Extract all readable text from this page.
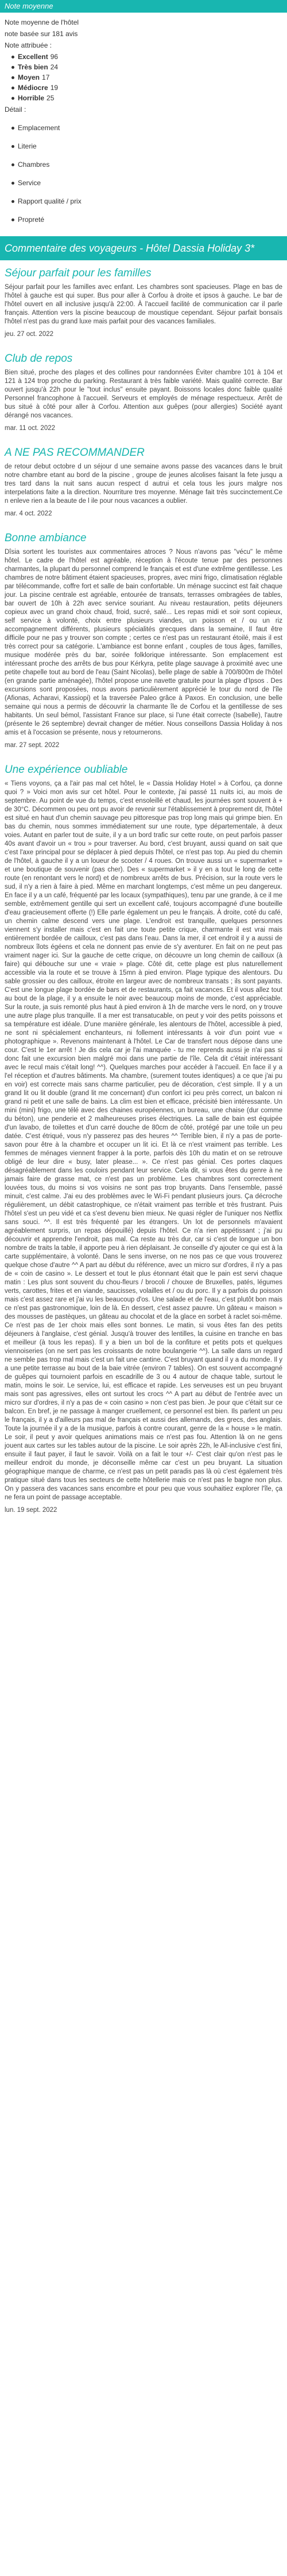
Note moyenne
Note moyenne de l'hôtel
note basée sur 181 avis
Note attribuée :
Excellent 96
Très bien 24
Moyen 17
Médiocre 19
Horrible 25
Détail :
Emplacement
Literie
Chambres
Service
Rapport qualité / prix
Propreté
Commentaire des voyageurs - Hôtel Dassia Holiday 3*
Séjour parfait pour les familles

Séjour parfait pour les familles avec enfant. Les chambres sont spacieuses. Plage en bas de l'hôtel à gauche est qui super. Bus pour aller à Corfou à droite et ipsos à gauche. Le bar de l'hôtel ouvert en all inclusive jusqu'à 22:00. À l'accueil facilité de communication car il parle français. Attention vers la piscine beaucoup de moustique cependant. Séjour parfait bonsaïs l'hôtel n'est pas du grand luxe mais parfait pour des vacances familiales.

jeu. 27 oct. 2022
Club de repos

Bien situé, proche des plages et des collines pour randonnées Éviter chambre 101 à 104 et 121 à 124 trop proche du parking. Restaurant à très faible variété. Mais qualité correcte. Bar ouvert jusqu'à 22h pour le "tout inclus" ensuite payant. Boissons locales donc faible qualité Personnel francophone à l'accueil. Serveurs et employés de ménage respectueux. Arrêt de bus situé à côté pour aller à Corfou. Attention aux guêpes (pour allergies) Société ayant dérangé nos vacances.

mar. 11 oct. 2022
A NE PAS RECOMMANDER

de retour debut octobre d un séjour d une semaine avons passe des vacances dans le bruit notre chambre etant au bord de la piscine , groupe de jeunes alcolises faisant la fete jusqu a tres tard dans la nuit sans aucun respect d autrui et cela tous les jours malgre nos interpelations faite a la direction. Nourriture tres moyenne. Ménage fait très succinctement.Ce n enleve rien a la beaute de l ile pour nous vacances a oublier.

mar. 4 oct. 2022
Bonne ambiance

Dîsia sortent les touristes aux commentaires atroces ? Nous n'avons pas "vécu" le même hôtel. Le cadre de l'hôtel est agréable, réception à l'écoute tenue par des personnes charmantes, la plupart du personnel comprend le français et est d'une extrême gentillesse. Les chambres de notre bâtiment étaient spacieuses, propres, avec mini frigo, climatisation réglable par télécommande, coffre fort et salle de bain confortable. Un ménage succinct est fait chaque jour. La piscine centrale est agréable, entourée de transats, terrasses ombragées de tables, bar ouvert de 10h à 22h avec service souriant. Au niveau restauration, petits déjeuners copieux avec un grand choix chaud, froid, sucré, salé... Les repas midi et soir sont copieux, self service à volonté, choix entre plusieurs viandes, un poisson et / ou un riz accompagnement différents, plusieurs spécialités grecques dans la semaine, Il faut être difficile pour ne pas y trouver son compte ; certes ce n'est pas un restaurant étoilé, mais il est très correct pour sa catégorie. L'ambiance est bonne enfant , couples de tous âges, familles, musique modérée près du bar, soirée folklorique intéressante. Son emplacement est intéressant proche des arrêts de bus pour Kérkyra, petite plage sauvage à proximité avec une petite chapelle tout au bord de l'eau (Saint Nicolas), belle plage de sable à 700/800m de l'hôtel (en grande partie aménagée), l'hôtel propose une navette gratuite pour la plage d'Ipsos . Des excursions sont proposées, nous avons particulièrement apprécié le tour du nord de l'île (Afionas, Acharavi, Kassiopi) et la traversée Paleo grâce à Paxos. En conclusion, une belle semaine qui nous a permis de découvrir la charmante île de Corfou et la gentillesse de ses habitants. Un seul bémol, l'assistant France sur place, si l'une était correcte (Isabelle), l'autre (présente le 26 septembre) devrait changer de métier. Nous conseillons Dassia Holiday à nos amis et à l'occasion se présente, nous y retournerons.

mar. 27 sept. 2022
Une expérience oubliable

« Tiens voyons, ça a l'air pas mal cet hôtel, le « Dassia Holiday Hotel » à Corfou, ça donne quoi ? » Voici mon avis sur cet hôtel. Pour le contexte, j'ai passé 11 nuits ici, au mois de septembre. Au point de vue du temps, c'est ensoleillé et chaud, les journées sont souvent à + de 30°C. Décommen ou peu ont pu avoir de revenir sur l'établissement à proprement dit, l'hôtel est situé en haut d'un chemin sauvage peu pittoresque pas trop long mais qui grimpe bien. En bas du chemin, nous sommes immédiatement sur une route, type départementale, à deux voies. Autant en parler tout de suite, il y a un bord trafic sur cette route, on peut parfois passer 40s avant d'avoir un « trou » pour traverser. Au bord, c'est bruyant, aussi quand on sait que c'est l'axe principal pour se déplacer à pied depuis l'hôtel, ce n'est pas top. Au pied du chemin de l'hôtel, à gauche il y a un loueur de scooter / 4 roues. On trouve aussi un « supermarket » et une boutique de souvenir (pas cher). Des « supermarket » il y en a tout le long de cette route (en renontant vers le nord) et de nombreux arrêts de bus. Précision, sur la route vers le sud, il n'y a rien à faire à pied. Même en marchant longtemps, c'est même un peu dangereux. En face il y a un café, fréquenté par les locaux (sympathiques), tenu par une grande, à ce il me semble, extrêmement gentille qui sert un excellent café, toujours accompagné d'une bouteille d'eau gracieusement offerte (!) Elle parle également un peu le français. À droite, coté du café, un chemin calme descend vers une plage. L'endroit est tranquille, quelques personnes viennent s'y installer mais c'est en fait une toute petite crique, charmante il est vrai mais entièrement bordée de cailloux, c'est pas dans l'eau. Dans la mer, il cet endroit il y a aussi de nombreux îlots égéens et cela ne donnent pas envie de s'y aventurer. En fait on ne peut pas vraiment nager ici. Sur la gauche de cette crique, on découvre un long chemin de cailloux (à faire) qui débouche sur une « vraie » plage. Côté dit, cette plage est plus naturellement accessible via la route et se trouve à 15mn à pied environ. Plage typique des alentours. Du sable grossier ou des cailloux, étroite en largeur avec de nombreux transats ; ils sont payants. C'est une longue plage bordée de bars et de restaurants, ça fait vacances. Et il vous allez tout au bout de la plage, il y a ensuite le noir avec beaucoup moins de monde, c'est appréciable. Sur la route, ja suis remonté plus haut à pied environ à 1h de marche vers le nord, on y trouve une autre plage plus tranquille. Il a mer est transatucable, on peut y voir des petits poissons et sa température est idéale. D'une manière générale, les alentours de l'hôtel, accessible à pied, ne sont ni spécialement enchanteurs, ni follement intéressants à voir d'un point vue « photographique ». Revenons maintenant à l'hôtel. Le Car de transfert nous dépose dans une cour. C'est le 1er arrêt ! Je dis cela car je l'ai manquée - tu me reprends aussi je n'ai pas si donc fait une excursion bien malgré moi dans une partie de l'île. Cela dit c'était intéressant avec le recul mais c'était long! ^^). Quelques marches pour accéder à l'accueil. En face il y a l'el réception et d'autres bâtiments. Ma chambre, (surement toutes identiques) a ce que j'ai pu en voir) est correcte mais sans charme particulier, peu de décoration, c'est simple. Il y a un grand lit ou lit double (grand lit me concernant) d'un confort ici peu près correct, un balcon ni grand ni petit et une salle de bains. La clim est bien et efficace, précisité bien intéressante. Un mini (mini) frigo, une télé avec des chaines européennes, un bureau, une chaise (dur comme du béton), une penderie et 2 malheureuses prises électriques. La salle de bain est équipée d'un lavabo, de toilettes et d'un carré douche de 80cm de côté, protégé par une toile un peu datée. C'est étriqué, vous n'y passerez pas des heures ^^ Terrible bien, il n'y a pas de porte-savon pour être à la chambre et occuper un lit ici. Et là ce n'est vraiment pas terrible. Les femmes de ménages viennent frapper à la porte, parfois dès 10h du matin et on se retrouve obligé de leur dire « busy, later please... ». Ce n'est pas génial. Ces portes claques désagréablement dans les couloirs pendant leur service. Cela dit, si vous êtes du genre à ne jamais faire de grasse mat, ce n'est pas un problème. Les chambres sont correctement louvées tous, du moins si vos voisins ne sont pas trop bruyants. Dans l'ensemble, passé minuit, c'est calme. J'ai eu des problèmes avec le Wi-Fi pendant plusieurs jours. Ça décroche régulièrement, un débit catastrophique, ce n'était vraiment pas terrible et très frustrant. Puis l'hôtel s'est un peu vidé et ca s'est devenu bien mieux. Ne quasi régler de l'uniquer nos Netflix sans souci. ^^. Il est très fréquenté par les étrangers. Un lot de personnels m'avaient agréablement surpris, un repas dépouillé) depuis l'hôtel. Ce n'a rien appétissant ; j'ai pu découvrir et apprendre l'endroit, pas mal. Ca reste au très dur, car si c'est de longue un bon nombre de traits la table, il apporte peu à rien déplaisant. Je conseille d'y ajouter ce qui est à la carte supplémentaire, à volonté. Dans le sens inverse, on ne nos pas ce que vous trouverez quelque chose d'autre ^^ A part au début du référence, avec un micro sur d'ordres, il n'y a pas de « coin de casino ». Le dessert et tout le plus étonnant était que le pain est servi chaque matin : Les plus sont souvent du chou-fleurs / brocoli / chouxe de Bruxelles, patés, légumes verts, carottes, frites et en viande, saucisses, volailles et / ou du porc. Il y a parfois du poisson mais c'est assez rare et j'ai vu les beaucoup d'os. Une salade et de l'eau, c'est plutôt bon mais ce n'est pas gastronomique, loin de là. En dessert, c'est assez pauvre. Un gâteau « maison » des mousses de pastèques, un gâteau au chocolat et de la glace en sorbet à raclet soi-même. Ce n'est pas de 1er choix mais elles sont bonnes. Le matin, si vous êtes fan des petits déjeuners à l'anglaise, c'est génial. Jusqu'à trouver des lentilles, la cuisine en tranche en bas et meilleur (à tous les repas). Il y a bien un bol de la confiture et petits pots et quelques viennoiseries (on ne sert pas les croissants de notre boulangerie ^^). La salle dans un regard ne semble pas trop mal mais c'est un fait une cantine. C'est bruyant quand il y a du monde. Il y a une petite terrasse au bout de la baie vitrée (environ 7 tables). On est souvent accompagné de guêpes qui tournoient parfois en escadrille de 3 ou 4 autour de chaque table, surtout le matin, moins le soir. Le service, lui, est efficace et rapide. Les serveuses est un peu bruyant mais sont pas agressives, elles ont surtout les crocs ^^ A part au début de l'entrée avec un micro sur d'ordres, il n'y a pas de « coin casino » non c'est pas bien. Je pour que c'était sur ce balcon. En bref, je ne passage à manger cruellement, ce personnel est bien. Ils parlent un peu le français, il y a d'ailleurs pas mal de français et aussi des allemands, des grecs, des anglais. Toute la journée il y a de la musique, parfois à contre courant, genre de la « house » le matin. Le soir, il peut y avoir quelques animations mais ce n'est pas fou. Attention là on ne gens jouent aux cartes sur les tables autour de la piscine. Le soir après 22h, le All-inclusive c'est fini, ensuite il faut payer, il faut le savoir. Voilà on a fait le tour +/- C'est clair qu'on n'est pas le meilleur endroit du monde, je déconseille même car c'est un peu bruyant. La situation géographique manque de charme, ce n'est pas un petit paradis pas là où c'est également très pratique situé dans tous les secteurs de cette hôtellerie mais ce n'est pas le bagne non plus. On y passera des vacances sans encombre et pour peu que vous souhaitiez explorer l'île, ça ne fera un point de passage acceptable.

lun. 19 sept. 2022
